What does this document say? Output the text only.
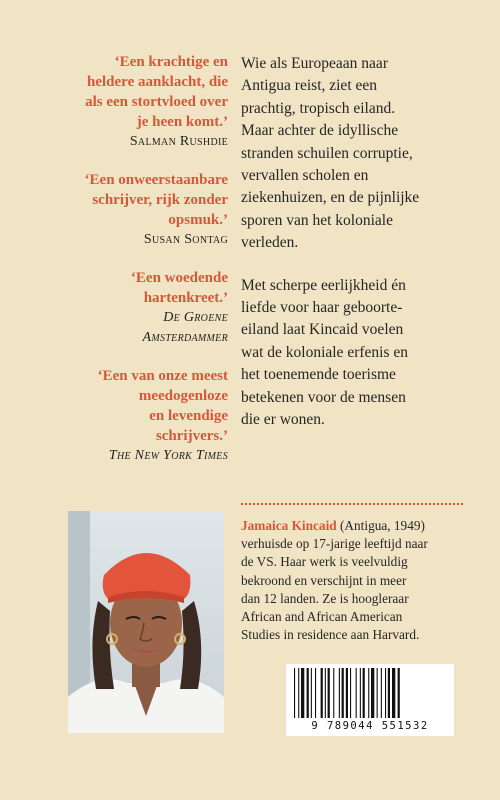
‘Een krachtige en
heldere aanklacht, die
als een stortvloed over
je heen komt.’
Salman Rushdie
‘Een onweerstaanbare
schrijver, rijk zonder
opsmuk.’
Susan Sontag
‘Een woedende
hartenkreet.’
De Groene
Amsterdammer
‘Een van onze meest
meedogenloze
en levendige
schrijvers.’
The New York Times

Wie als Europeaan naar
Antigua reist, ziet een
prachtig, tropisch eiland.
Maar achter de idyllische
stranden schuilen corruptie,
vervallen scholen en
ziekenhuizen, en de pijnlijke
sporen van het koloniale
verleden.

Met scherpe eerlijkheid én
liefde voor haar geboorte-
eiland laat Kincaid voelen
wat de koloniale erfenis en
het toenemende toerisme
betekenen voor de mensen
die er wonen.

Jamaica Kincaid (Antigua, 1949)
verhuisde op 17-jarige leeftijd naar
de VS. Haar werk is veelvuldig
bekroond en verschijnt in meer
dan 12 landen. Ze is hoogleraar
African and African American
Studies in residence aan Harvard.
9 789044 551532
